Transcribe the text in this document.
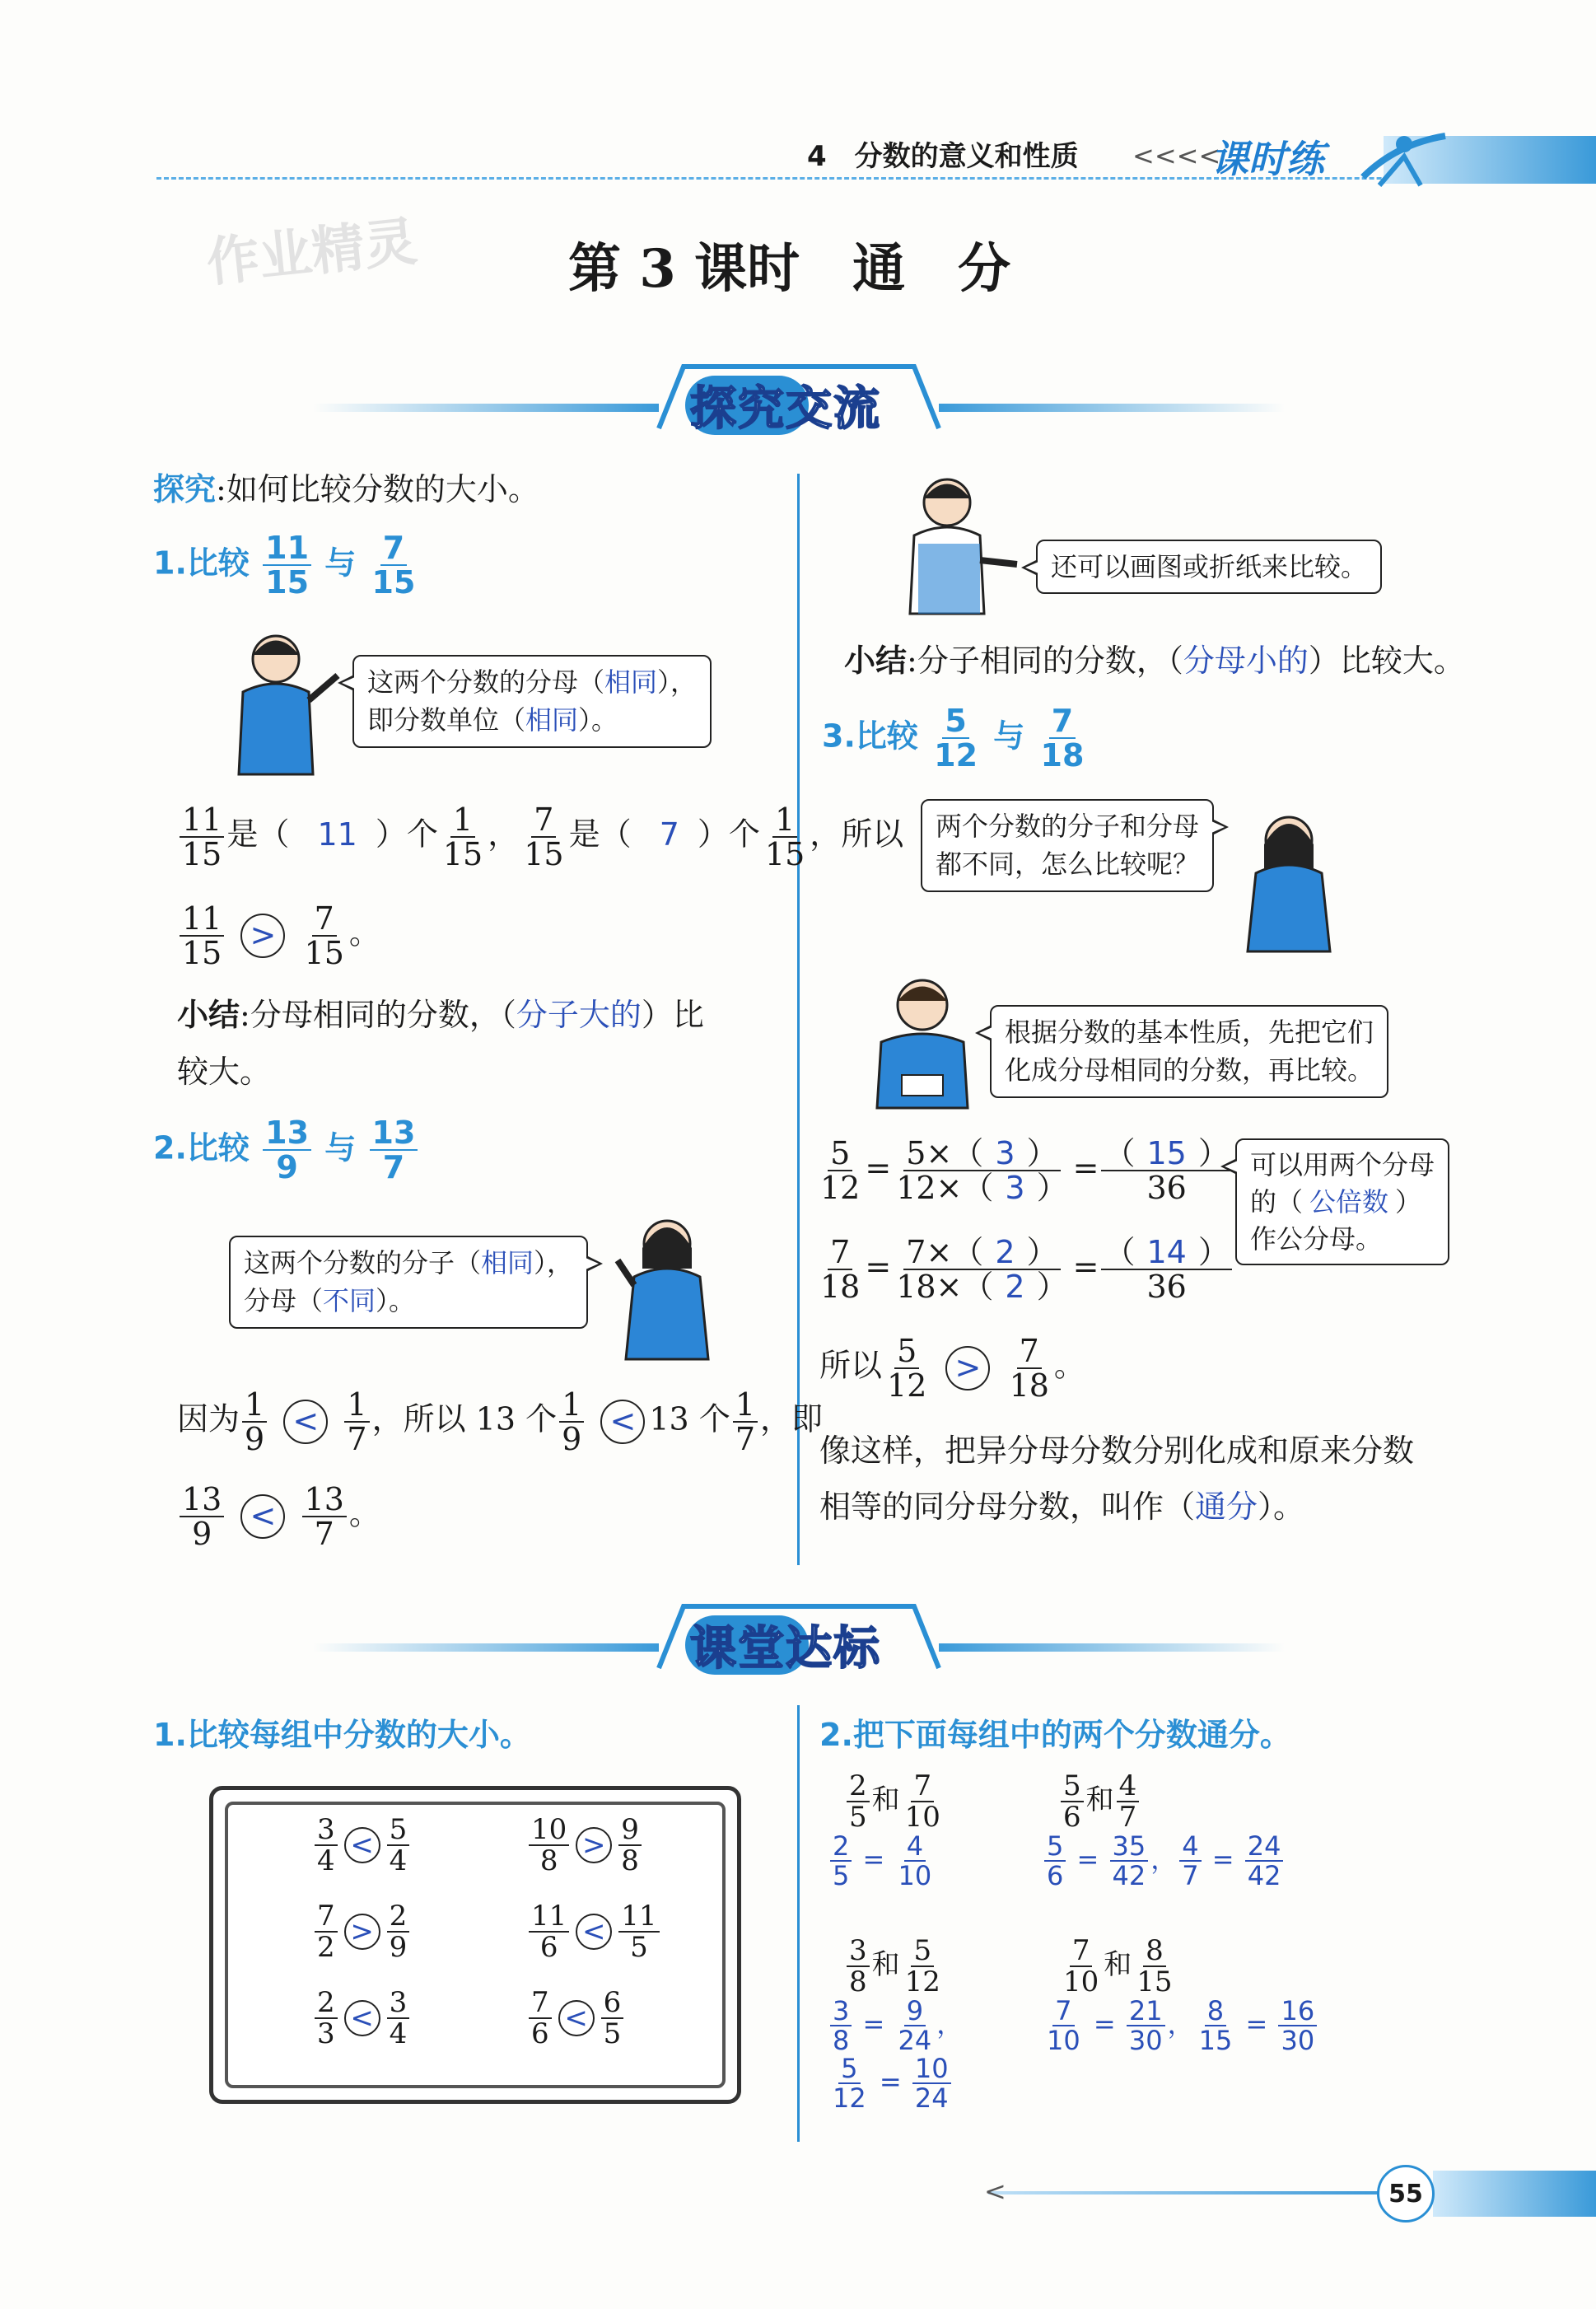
4　分数的意义和性质 <<<<
课时练
作业精灵	第 3 课时　通　分
探究交流
探究:如何比较分数的大小。
1.比较 $\frac{11}{15}$ 与 $\frac{7}{15}$
这两个分数的分母（相同），
即分数单位（相同）。
$\frac{11}{15}$ 是（ 11 ）个 $\frac{1}{15}$ ， $\frac{7}{15}$ 是（ 7 ）个 $\frac{1}{15}$ ，所以
$\frac{11}{15} > \frac{7}{15}$ 。
小结:分母相同的分数，（分子大的）比
较大。
2.比较 $\frac{13}{9}$ 与 $\frac{13}{7}$
这两个分数的分子（相同），
分母（不同）。
因为 $\frac{1}{9} < \frac{1}{7}$ ，所以 13 个 $\frac{1}{9} < 13$ 个 $\frac{1}{7}$ ，即
$\frac{13}{9} < \frac{13}{7}$ 。
还可以画图或折纸来比较。
小结:分子相同的分数，（分母小的）比较大。
3.比较 $\frac{5}{12}$ 与 $\frac{7}{18}$
两个分数的分子和分母
都不同，怎么比较呢？
根据分数的基本性质，先把它们
化成分母相同的分数，再比较。
$\frac{5}{12} = \frac{5\times( 3 )}{12\times( 3 )} = \frac{( 15 )}{36}$
$\frac{7}{18} = \frac{7\times( 2 )}{18\times( 2 )} = \frac{( 14 )}{36}$
可以用两个分母
的（ 公倍数 ）
作公分母。
所以 $\frac{5}{12} > \frac{7}{18}$ 。
像这样，把异分母分数分别化成和原来分数
相等的同分母分数，叫作（通分）。
课堂达标
1.比较每组中分数的大小。
$\frac{3}{4} < \frac{5}{4}$	$\frac{10}{8} > \frac{9}{8}$
$\frac{7}{2} > \frac{2}{9}$	$\frac{11}{6} < \frac{11}{5}$
$\frac{2}{3} < \frac{3}{4}$	$\frac{7}{6} < \frac{6}{5}$
2.把下面每组中的两个分数通分。
$\frac{2}{5}$ 和 $\frac{7}{10}$
$\frac{2}{5} = \frac{4}{10}$
$\frac{5}{6}$ 和 $\frac{4}{7}$
$\frac{5}{6} = \frac{35}{42}$ ， $\frac{4}{7} = \frac{24}{42}$
$\frac{3}{8}$ 和 $\frac{5}{12}$
$\frac{3}{8} = \frac{9}{24}$ ，
$\frac{5}{12} = \frac{10}{24}$
$\frac{7}{10}$ 和 $\frac{8}{15}$
$\frac{7}{10} = \frac{21}{30}$ ， $\frac{8}{15} = \frac{16}{30}$
<	55
